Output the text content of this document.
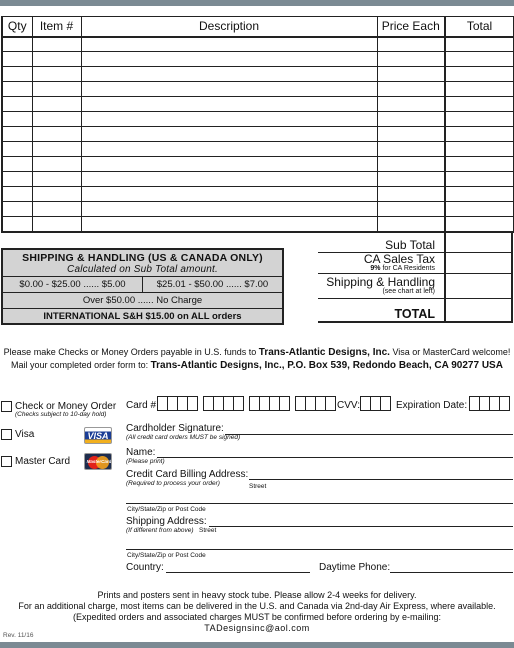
Qty	Item #	Description	Price Each	Total

SHIPPING & HANDLING (US & CANADA ONLY)
Calculated on Sub Total amount.
$0.00 - $25.00 ...... $5.00	$25.01 - $50.00 ...... $7.00
Over $50.00 ...... No Charge
INTERNATIONAL S&H $15.00 on ALL orders
Sub Total
CA Sales Tax
9% for CA Residents
Shipping & Handling
(see chart at left)
TOTAL
Please make Checks or Money Orders payable in U.S. funds to Trans-Atlantic Designs, Inc. Visa or MasterCard welcome!
Mail your completed order form to: Trans-Atlantic Designs, Inc., P.O. Box 539, Redondo Beach, CA 90277 USA
Check or Money Order
(Checks subject to 10-day hold)
Visa	VISA
Master Card	MasterCard
Card #	CVV:	Expiration Date:
Cardholder Signature:
(All credit card orders MUST be signed)
Name:
(Please print)
Credit Card Billing Address:
(Required to process your order)	Street
City/State/Zip or Post Code
Shipping Address:
(If different from above) Street
City/State/Zip or Post Code
Country:	Daytime Phone:
Prints and posters sent in heavy stock tube. Please allow 2-4 weeks for delivery.
For an additional charge, most items can be delivered in the U.S. and Canada via 2nd-day Air Express, where available.
(Expedited orders and associated charges MUST be confirmed before ordering by e-mailing:
TADesignsinc@aol.com
Rev. 11/16
